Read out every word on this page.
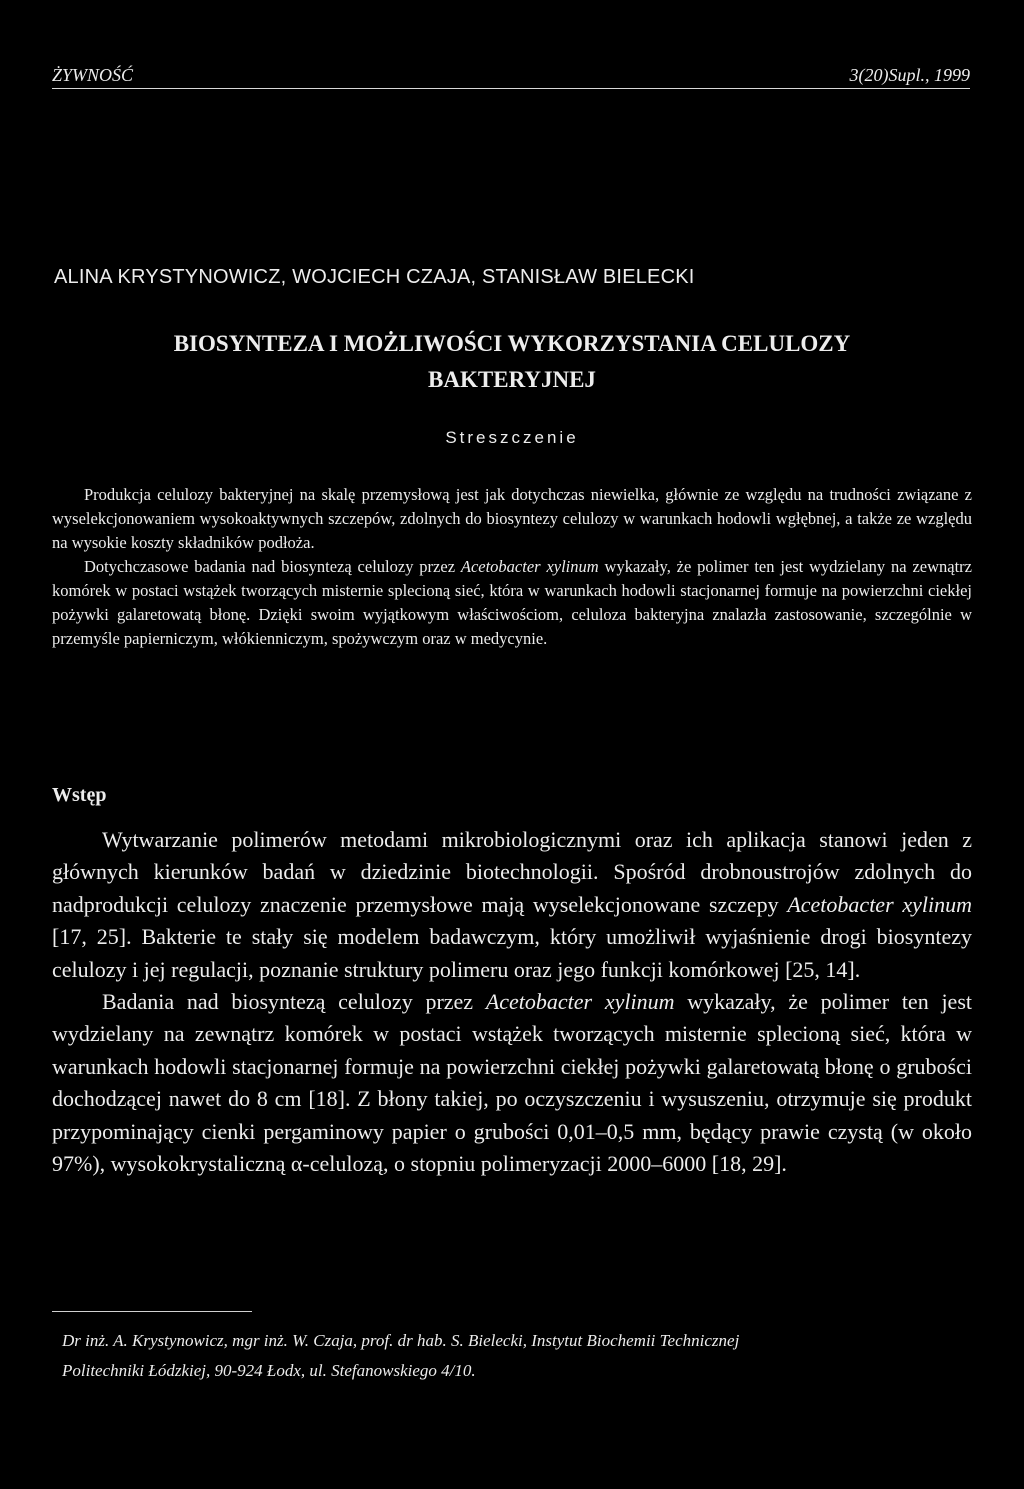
ŻYWNOŚĆ	3(20)Supl., 1999
ALINA KRYSTYNOWICZ, WOJCIECH CZAJA, STANISŁAW BIELECKI
BIOSYNTEZA I MOŻLIWOŚCI WYKORZYSTANIA CELULOZY
BAKTERYJNEJ
Streszczenie

Produkcja celulozy bakteryjnej na skalę przemysłową jest jak dotychczas niewielka, głównie ze względu na trudności związane z wyselekcjonowaniem wysokoaktywnych szczepów, zdolnych do biosyntezy celulozy w warunkach hodowli wgłębnej, a także ze względu na wysokie koszty składników podłoża.

Dotychczasowe badania nad biosyntezą celulozy przez Acetobacter xylinum wykazały, że polimer ten jest wydzielany na zewnątrz komórek w postaci wstążek tworzących misternie splecioną sieć, która w warunkach hodowli stacjonarnej formuje na powierzchni ciekłej pożywki galaretowatą błonę. Dzięki swoim wyjątkowym właściwościom, celuloza bakteryjna znalazła zastosowanie, szczególnie w przemyśle papierniczym, włókienniczym, spożywczym oraz w medycynie.

Wstęp

Wytwarzanie polimerów metodami mikrobiologicznymi oraz ich aplikacja stanowi jeden z głównych kierunków badań w dziedzinie biotechnologii. Spośród drobnoustrojów zdolnych do nadprodukcji celulozy znaczenie przemysłowe mają wyselekcjonowane szczepy Acetobacter xylinum [17, 25]. Bakterie te stały się modelem badawczym, który umożliwił wyjaśnienie drogi biosyntezy celulozy i jej regulacji, poznanie struktury polimeru oraz jego funkcji komórkowej [25, 14].

Badania nad biosyntezą celulozy przez Acetobacter xylinum wykazały, że polimer ten jest wydzielany na zewnątrz komórek w postaci wstążek tworzących misternie splecioną sieć, która w warunkach hodowli stacjonarnej formuje na powierzchni ciekłej pożywki galaretowatą błonę o grubości dochodzącej nawet do 8 cm [18]. Z błony takiej, po oczyszczeniu i wysuszeniu, otrzymuje się produkt przypominający cienki pergaminowy papier o grubości 0,01–0,5 mm, będący prawie czystą (w około 97%), wysokokrystaliczną α-celulozą, o stopniu polimeryzacji 2000–6000 [18, 29].

Dr inż. A. Krystynowicz, mgr inż. W. Czaja, prof. dr hab. S. Bielecki, Instytut Biochemii Technicznej
Politechniki Łódzkiej, 90-924 Łodx, ul. Stefanowskiego 4/10.
